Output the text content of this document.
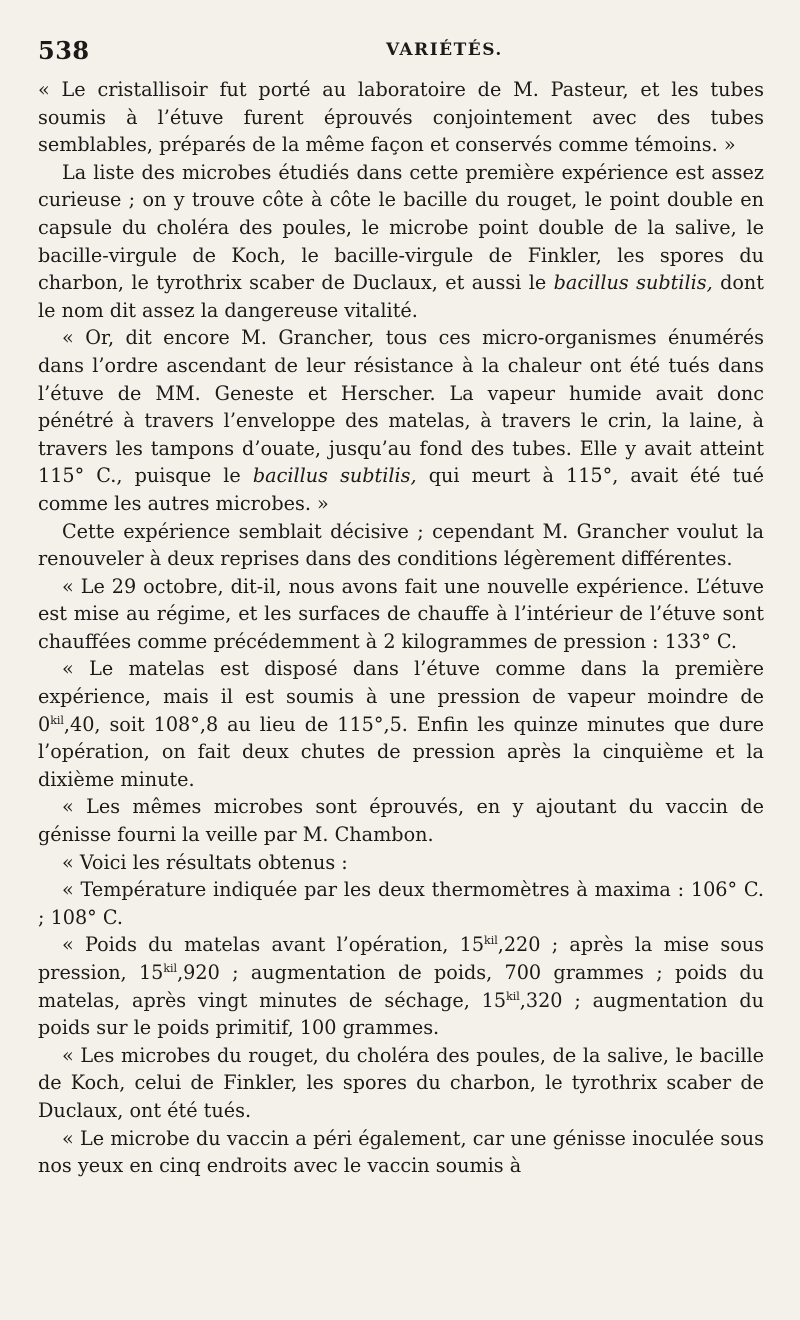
538	VARIÉTÉS.

« Le cristallisoir fut porté au laboratoire de M. Pasteur, et les tubes soumis à l’étuve furent éprouvés conjointement avec des tubes semblables, préparés de la même façon et conservés comme témoins. »

La liste des microbes étudiés dans cette première expérience est assez curieuse ; on y trouve côte à côte le bacille du rouget, le point double en capsule du choléra des poules, le microbe point double de la salive, le bacille-virgule de Koch, le bacille-virgule de Finkler, les spores du charbon, le tyrothrix scaber de Duclaux, et aussi le bacillus subtilis, dont le nom dit assez la dangereuse vitalité.

« Or, dit encore M. Grancher, tous ces micro-organismes énumérés dans l’ordre ascendant de leur résistance à la chaleur ont été tués dans l’étuve de MM. Geneste et Herscher. La vapeur humide avait donc pénétré à travers l’enveloppe des matelas, à travers le crin, la laine, à travers les tampons d’ouate, jusqu’au fond des tubes. Elle y avait atteint 115° C., puisque le bacillus subtilis, qui meurt à 115°, avait été tué comme les autres microbes. »

Cette expérience semblait décisive ; cependant M. Grancher voulut la renouveler à deux reprises dans des conditions légèrement différentes.

« Le 29 octobre, dit-il, nous avons fait une nouvelle expérience. L’étuve est mise au régime, et les surfaces de chauffe à l’intérieur de l’étuve sont chauffées comme précédemment à 2 kilogrammes de pression : 133° C.

« Le matelas est disposé dans l’étuve comme dans la première expérience, mais il est soumis à une pression de vapeur moindre de $0^{kil},40$, soit 108°,8 au lieu de 115°,5. Enfin les quinze minutes que dure l’opération, on fait deux chutes de pression après la cinquième et la dixième minute.

« Les mêmes microbes sont éprouvés, en y ajoutant du vaccin de génisse fourni la veille par M. Chambon.

« Voici les résultats obtenus :

« Température indiquée par les deux thermomètres à maxima : 106° C. ; 108° C.

« Poids du matelas avant l’opération, $15^{kil},220$ ; après la mise sous pression, $15^{kil},920$ ; augmentation de poids, 700 grammes ; poids du matelas, après vingt minutes de séchage, $15^{kil},320$ ; augmentation du poids sur le poids primitif, 100 grammes.

« Les microbes du rouget, du choléra des poules, de la salive, le bacille de Koch, celui de Finkler, les spores du charbon, le tyrothrix scaber de Duclaux, ont été tués.

« Le microbe du vaccin a péri également, car une génisse inoculée sous nos yeux en cinq endroits avec le vaccin soumis à
